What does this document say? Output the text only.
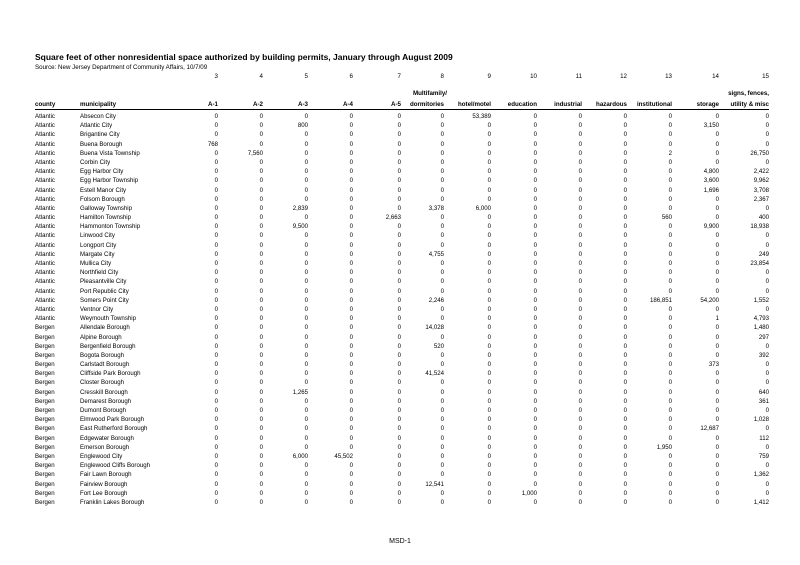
Square feet of other nonresidential space authorized by building permits, January through August 2009
Source: New Jersey Department of Community Affairs, 10/7/09
3	4	5	6	7	8	9	10	11	12	13	14	15
Multifamily/	signs, fences,
county	municipality	A-1	A-2	A-3	A-4	A-5	dormitories	hotel/motel	education	industrial	hazardous	institutional	storage	utility & misc
Atlantic	Absecon City	0	0	0	0	0	0	53,389	0	0	0	0	0	0
Atlantic	Atlantic City	0	0	800	0	0	0	0	0	0	0	0	3,150	0
Atlantic	Brigantine City	0	0	0	0	0	0	0	0	0	0	0	0	0
Atlantic	Buena Borough	768	0	0	0	0	0	0	0	0	0	0	0	0
Atlantic	Buena Vista Township	0	7,560	0	0	0	0	0	0	0	0	2	0	26,750
Atlantic	Corbin City	0	0	0	0	0	0	0	0	0	0	0	0	0
Atlantic	Egg Harbor City	0	0	0	0	0	0	0	0	0	0	0	4,800	2,422
Atlantic	Egg Harbor Township	0	0	0	0	0	0	0	0	0	0	0	3,600	9,962
Atlantic	Estell Manor City	0	0	0	0	0	0	0	0	0	0	0	1,696	3,708
Atlantic	Folsom Borough	0	0	0	0	0	0	0	0	0	0	0	0	2,367
Atlantic	Galloway Township	0	0	2,839	0	0	3,378	6,000	0	0	0	0	0	0
Atlantic	Hamilton Township	0	0	0	0	2,663	0	0	0	0	0	560	0	400
Atlantic	Hammonton Township	0	0	9,500	0	0	0	0	0	0	0	0	9,900	18,938
Atlantic	Linwood City	0	0	0	0	0	0	0	0	0	0	0	0	0
Atlantic	Longport City	0	0	0	0	0	0	0	0	0	0	0	0	0
Atlantic	Margate City	0	0	0	0	0	4,755	0	0	0	0	0	0	249
Atlantic	Mullica City	0	0	0	0	0	0	0	0	0	0	0	0	23,854
Atlantic	Northfield City	0	0	0	0	0	0	0	0	0	0	0	0	0
Atlantic	Pleasantville City	0	0	0	0	0	0	0	0	0	0	0	0	0
Atlantic	Port Republic City	0	0	0	0	0	0	0	0	0	0	0	0	0
Atlantic	Somers Point City	0	0	0	0	0	2,246	0	0	0	0	186,851	54,200	1,552
Atlantic	Ventnor City	0	0	0	0	0	0	0	0	0	0	0	0	0
Atlantic	Weymouth Township	0	0	0	0	0	0	0	0	0	0	0	1	4,793
Bergen	Allendale Borough	0	0	0	0	0	14,028	0	0	0	0	0	0	1,480
Bergen	Alpine Borough	0	0	0	0	0	0	0	0	0	0	0	0	297
Bergen	Bergenfield Borough	0	0	0	0	0	520	0	0	0	0	0	0	0
Bergen	Bogota Borough	0	0	0	0	0	0	0	0	0	0	0	0	392
Bergen	Carlstadt Borough	0	0	0	0	0	0	0	0	0	0	0	373	0
Bergen	Cliffside Park Borough	0	0	0	0	0	41,524	0	0	0	0	0	0	0
Bergen	Closter Borough	0	0	0	0	0	0	0	0	0	0	0	0	0
Bergen	Cresskill Borough	0	0	1,265	0	0	0	0	0	0	0	0	0	640
Bergen	Demarest Borough	0	0	0	0	0	0	0	0	0	0	0	0	361
Bergen	Dumont Borough	0	0	0	0	0	0	0	0	0	0	0	0	0
Bergen	Elmwood Park Borough	0	0	0	0	0	0	0	0	0	0	0	0	1,028
Bergen	East Rutherford Borough	0	0	0	0	0	0	0	0	0	0	0	12,687	0
Bergen	Edgewater Borough	0	0	0	0	0	0	0	0	0	0	0	0	112
Bergen	Emerson Borough	0	0	0	0	0	0	0	0	0	0	1,950	0	0
Bergen	Englewood City	0	0	6,000	45,502	0	0	0	0	0	0	0	0	759
Bergen	Englewood Cliffs Borough	0	0	0	0	0	0	0	0	0	0	0	0	0
Bergen	Fair Lawn Borough	0	0	0	0	0	0	0	0	0	0	0	0	1,362
Bergen	Fairview Borough	0	0	0	0	0	12,541	0	0	0	0	0	0	0
Bergen	Fort Lee Borough	0	0	0	0	0	0	0	1,000	0	0	0	0	0
Bergen	Franklin Lakes Borough	0	0	0	0	0	0	0	0	0	0	0	0	1,412
MSD-1
